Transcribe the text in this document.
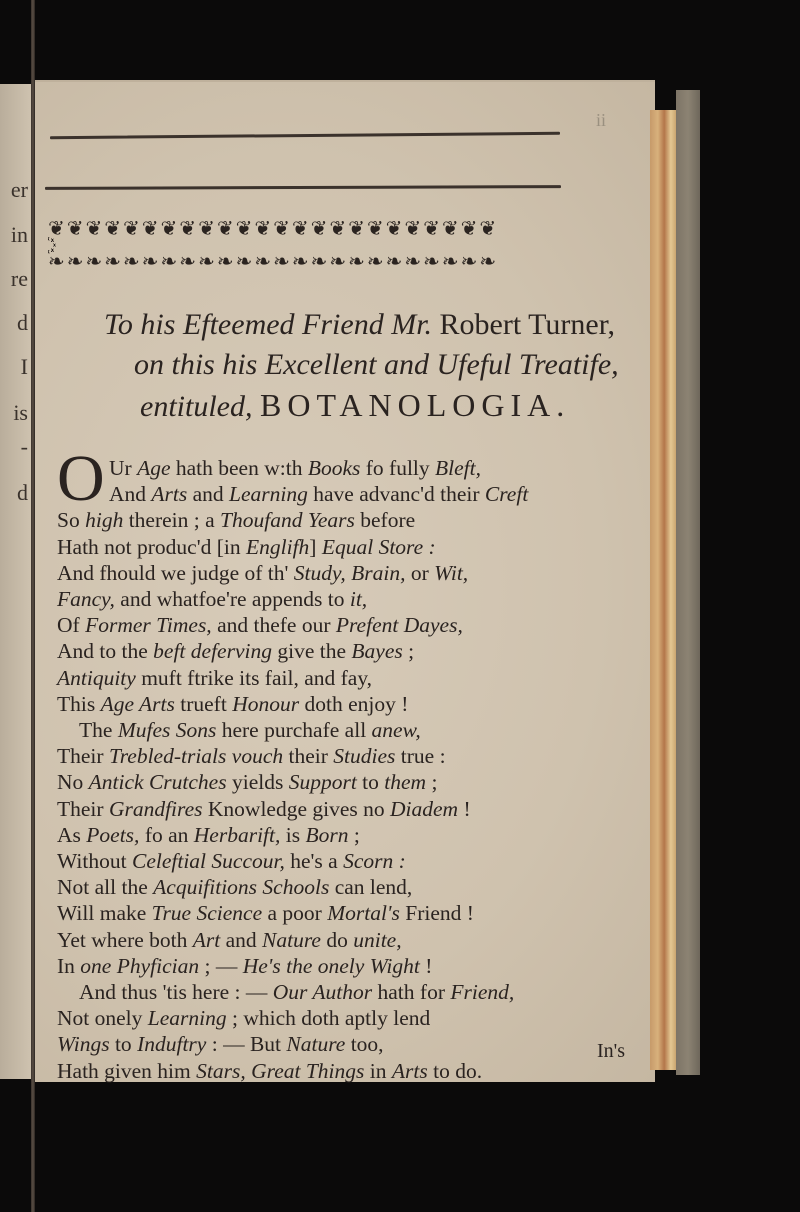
er
in
re
d
I
is
-
d
ii
❦❦❦❦❦❦❦❦❦❦❦❦❦❦❦❦❦❦❦❦❦❦❦❦
꙰꙰꙰꙰꙰꙰꙰꙰꙰꙰꙰꙰꙰꙰꙰꙰꙰꙰꙰꙰꙰꙰꙰꙰
❧❧❧❧❧❧❧❧❧❧❧❧❧❧❧❧❧❧❧❧❧❧❧❧
To his Efteemed Friend Mr. Robert Turner,
on this his Excellent and Ufeful Treatife,
entituled, BOTANOLOGIA.
O Ur Age hath been w:th Books fo fully Bleft,
And Arts and Learning have advanc'd their Creft
So high therein ; a Thoufand Years before
Hath not produc'd [in Englifh] Equal Store :
And fhould we judge of th' Study, Brain, or Wit,
Fancy, and whatfoe're appends to it,
Of Former Times, and thefe our Prefent Dayes,
And to the beft deferving give the Bayes ;
Antiquity muft ftrike its fail, and fay,
This Age Arts trueft Honour doth enjoy !
The Mufes Sons here purchafe all anew,
Their Trebled-trials vouch their Studies true :
No Antick Crutches yields Support to them ;
Their Grandfires Knowledge gives no Diadem !
As Poets, fo an Herbarift, is Born ;
Without Celeftial Succour, he's a Scorn :
Not all the Acquifitions Schools can lend,
Will make True Science a poor Mortal's Friend !
Yet where both Art and Nature do unite,
In one Phyfician ; — He's the onely Wight !
And thus 'tis here : — Our Author hath for Friend,
Not onely Learning ; which doth aptly lend
Wings to Induftry : — But Nature too,
Hath given him Stars, Great Things in Arts to do.
In's
